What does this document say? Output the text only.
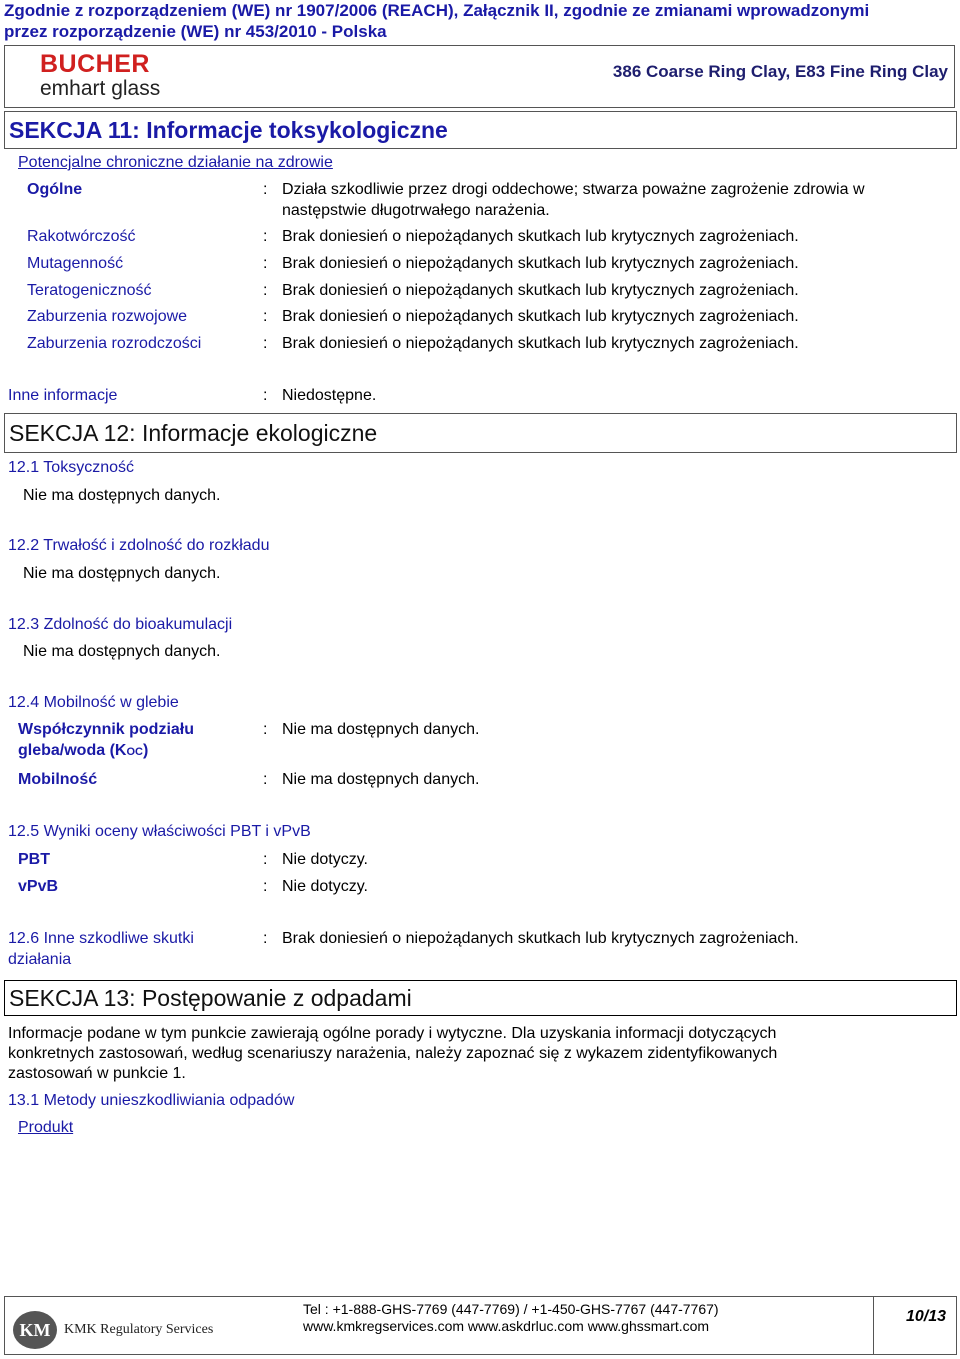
Zgodnie z rozporządzeniem (WE) nr 1907/2006 (REACH), Załącznik II, zgodnie ze zmianami wprowadzonymi
przez rozporządzenie (WE) nr 453/2010 - Polska
BUCHER
emhart glass
386 Coarse Ring Clay, E83 Fine Ring Clay
SEKCJA 11: Informacje toksykologiczne
Potencjalne chroniczne działanie na zdrowie
Ogólne	: Działa szkodliwie przez drogi oddechowe; stwarza poważne zagrożenie zdrowia w
następstwie długotrwałego narażenia.
Rakotwórczość	: Brak doniesień o niepożądanych skutkach lub krytycznych zagrożeniach.
Mutagenność	: Brak doniesień o niepożądanych skutkach lub krytycznych zagrożeniach.
Teratogeniczność	: Brak doniesień o niepożądanych skutkach lub krytycznych zagrożeniach.
Zaburzenia rozwojowe	: Brak doniesień o niepożądanych skutkach lub krytycznych zagrożeniach.
Zaburzenia rozrodczości	: Brak doniesień o niepożądanych skutkach lub krytycznych zagrożeniach.
Inne informacje	: Niedostępne.
SEKCJA 12: Informacje ekologiczne
12.1 Toksyczność
Nie ma dostępnych danych.
12.2 Trwałość i zdolność do rozkładu
Nie ma dostępnych danych.
12.3 Zdolność do bioakumulacji
Nie ma dostępnych danych.
12.4 Mobilność w glebie
Współczynnik podziału
gleba/woda (KOC)
: Nie ma dostępnych danych.
Mobilność	: Nie ma dostępnych danych.
12.5 Wyniki oceny właściwości PBT i vPvB
PBT	: Nie dotyczy.
vPvB	: Nie dotyczy.
12.6 Inne szkodliwe skutki
działania
: Brak doniesień o niepożądanych skutkach lub krytycznych zagrożeniach.
SEKCJA 13: Postępowanie z odpadami
Informacje podane w tym punkcie zawierają ogólne porady i wytyczne. Dla uzyskania informacji dotyczących
konkretnych zastosowań, według scenariuszy narażenia, należy zapoznać się z wykazem zidentyfikowanych
zastosowań w punkcie 1.
13.1 Metody unieszkodliwiania odpadów
Produkt
KM KMK Regulatory Services
Tel : +1-888-GHS-7769 (447-7769) / +1-450-GHS-7767 (447-7767)
www.kmkregservices.com www.askdrluc.com www.ghssmart.com
10/13
